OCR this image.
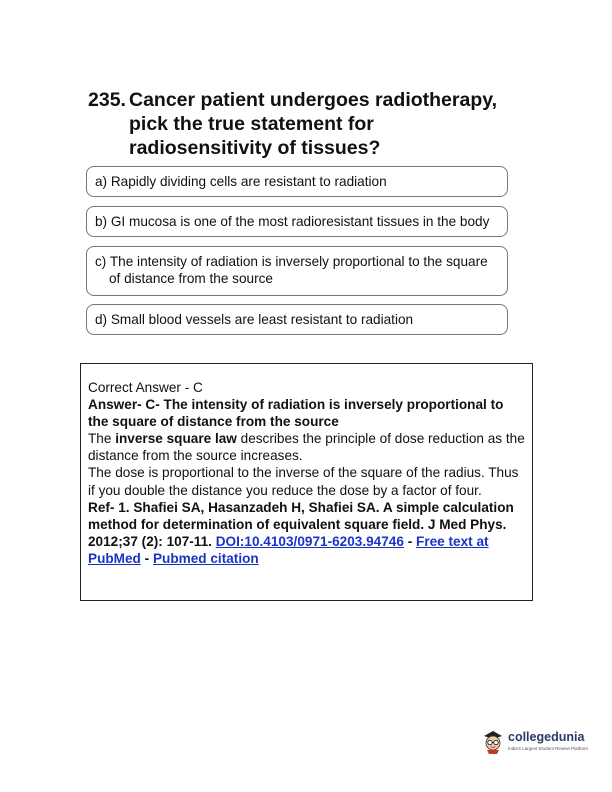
235. Cancer patient undergoes radiotherapy,
pick the true statement for
radiosensitivity of tissues?
a) Rapidly dividing cells are resistant to radiation
b) GI mucosa is one of the most radioresistant tissues in the body
c) The intensity of radiation is inversely proportional to the square
of distance from the source
d) Small blood vessels are least resistant to radiation

Correct Answer - C

Answer- C- The intensity of radiation is inversely proportional to the square of distance from the source

The inverse square law describes the principle of dose reduction as the distance from the source increases.

The dose is proportional to the inverse of the square of the radius. Thus if you double the distance you reduce the dose by a factor of four.

Ref- 1. Shafiei SA, Hasanzadeh H, Shafiei SA. A simple calculation method for determination of equivalent square field. J Med Phys. 2012;37 (2): 107-11. DOI:10.4103/0971-6203.94746 - Free text at PubMed - Pubmed citation

collegedunia
India's Largest Student Review Platform
